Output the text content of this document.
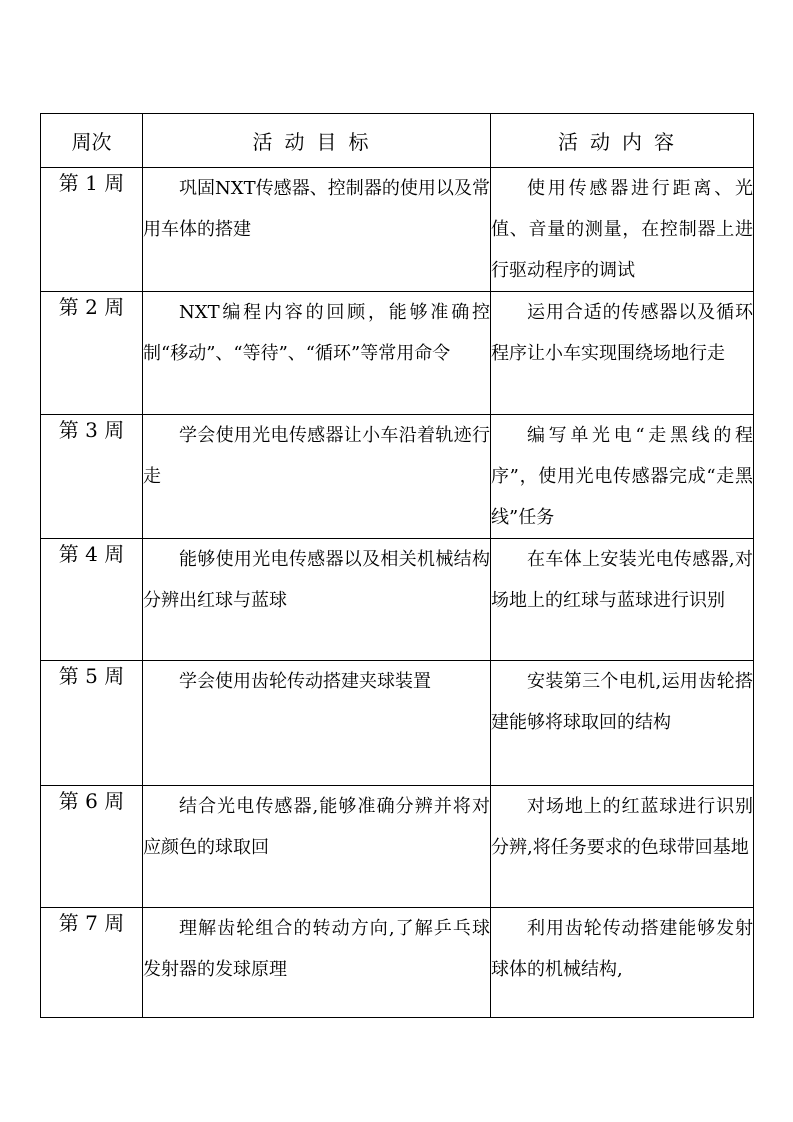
周次	活动目标	活动内容
第 1 周	巩固NXT传感器、控制器的使用以及常用车体的搭建	使用传感器进行距离、光值、音量的测量，在控制器上进行驱动程序的调试

第 2 周	NXT编程内容的回顾，能够准确控制“移动”、“等待”、“循环”等常用命令	运用合适的传感器以及循环程序让小车实现围绕场地行走

第 3 周	学会使用光电传感器让小车沿着轨迹行走	编写单光电“走黑线的程序”，使用光电传感器完成“走黑线”任务

第 4 周	能够使用光电传感器以及相关机械结构分辨出红球与蓝球	在车体上安装光电传感器,对场地上的红球与蓝球进行识别

第 5 周	学会使用齿轮传动搭建夹球装置	安装第三个电机,运用齿轮搭建能够将球取回的结构

第 6 周	结合光电传感器,能够准确分辨并将对应颜色的球取回	对场地上的红蓝球进行识别分辨,将任务要求的色球带回基地

第 7 周	理解齿轮组合的转动方向,了解乒乓球发射器的发球原理	利用齿轮传动搭建能够发射球体的机械结构,
